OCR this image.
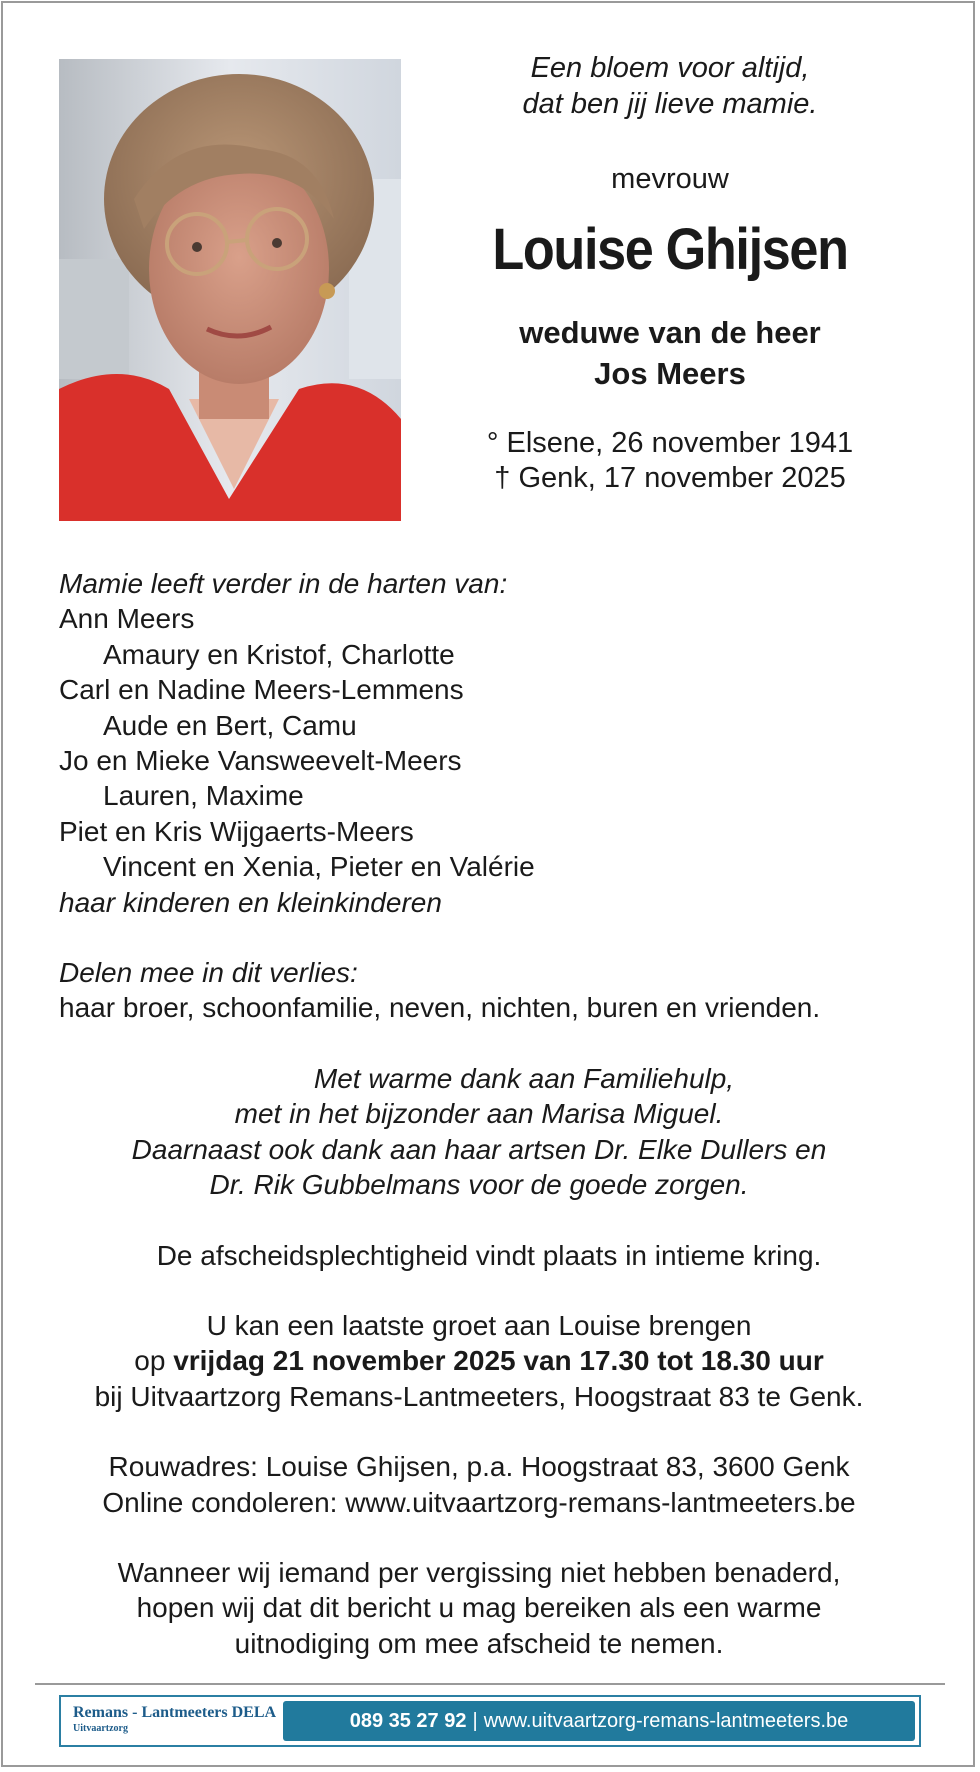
Een bloem voor altijd,

dat ben jij lieve mamie.

mevrouw
Louise Ghijsen
weduwe van de heer
Jos Meers
° Elsene, 26 november 1941
† Genk, 17 november 2025

Mamie leeft verder in de harten van:

Ann Meers

Amaury en Kristof, Charlotte

Carl en Nadine Meers-Lemmens

Aude en Bert, Camu

Jo en Mieke Vansweevelt-Meers

Lauren, Maxime

Piet en Kris Wijgaerts-Meers

Vincent en Xenia, Pieter en Valérie

haar kinderen en kleinkinderen

Delen mee in dit verlies:

haar broer, schoonfamilie, neven, nichten, buren en vrienden.

Met warme dank aan Familiehulp,

met in het bijzonder aan Marisa Miguel.

Daarnaast ook dank aan haar artsen Dr. Elke Dullers en

Dr. Rik Gubbelmans voor de goede zorgen.

De afscheidsplechtigheid vindt plaats in intieme kring.

U kan een laatste groet aan Louise brengen

op vrijdag 21 november 2025 van 17.30 tot 18.30 uur

bij Uitvaartzorg Remans-Lantmeeters, Hoogstraat 83 te Genk.

Rouwadres: Louise Ghijsen, p.a. Hoogstraat 83, 3600 Genk

Online condoleren: www.uitvaartzorg-remans-lantmeeters.be

Wanneer wij iemand per vergissing niet hebben benaderd,

hopen wij dat dit bericht u mag bereiken als een warme

uitnodiging om mee afscheid te nemen.

Remans - Lantmeeters DELA
Uitvaartzorg	089 35 27 92 | www.uitvaartzorg-remans-lantmeeters.be
